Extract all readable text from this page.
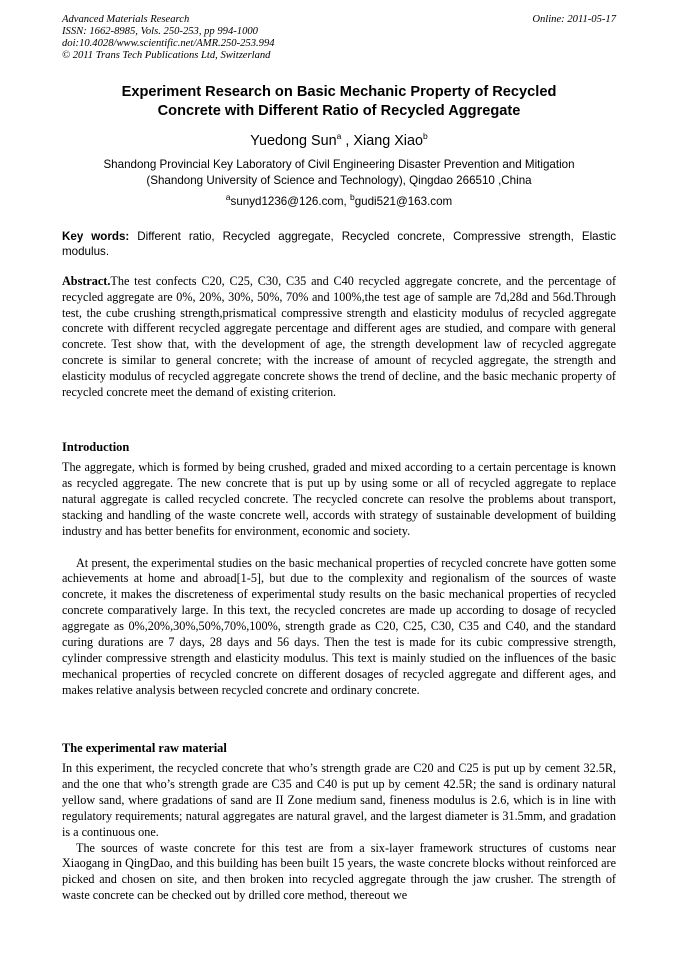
Advanced Materials Research
ISSN: 1662-8985, Vols. 250-253, pp 994-1000
doi:10.4028/www.scientific.net/AMR.250-253.994
© 2011 Trans Tech Publications Ltd, Switzerland
Online: 2011-05-17
Experiment Research on Basic Mechanic Property of Recycled
Concrete with Different Ratio of Recycled Aggregate
Yuedong Sun$^a$ , Xiang Xiao$^b$
Shandong Provincial Key Laboratory of Civil Engineering Disaster Prevention and Mitigation
(Shandong University of Science and Technology), Qingdao 266510 ,China
$^a$sunyd1236@126.com, $^b$gudi521@163.com
Key words: Different ratio, Recycled aggregate, Recycled concrete, Compressive strength, Elastic modulus.

Abstract.The test confects C20, C25, C30, C35 and C40 recycled aggregate concrete, and the percentage of recycled aggregate are 0%, 20%, 30%, 50%, 70% and 100%,the test age of sample are 7d,28d and 56d.Through test, the cube crushing strength,prismatical compressive strength and elasticity modulus of recycled aggregate concrete with different recycled aggregate percentage and different ages are studied, and compare with general concrete. Test show that, with the development of age, the strength development law of recycled aggregate concrete is similar to general concrete; with the increase of amount of recycled aggregate, the strength and elasticity modulus of recycled aggregate concrete shows the trend of decline, and the basic mechanic property of recycled concrete meet the demand of existing criterion.

Introduction

The aggregate, which is formed by being crushed, graded and mixed according to a certain percentage is known as recycled aggregate. The new concrete that is put up by using some or all of recycled aggregate to replace natural aggregate is called recycled concrete. The recycled concrete can resolve the problems about transport, stacking and handling of the waste concrete well, accords with strategy of sustainable development of building industry and has better benefits for environment, economic and society.

At present, the experimental studies on the basic mechanical properties of recycled concrete have gotten some achievements at home and abroad[1-5], but due to the complexity and regionalism of the sources of waste concrete, it makes the discreteness of experimental study results on the basic mechanical properties of recycled concrete comparatively large. In this text, the recycled concretes are made up according to dosage of recycled aggregate as 0%,20%,30%,50%,70%,100%, strength grade as C20, C25, C30, C35 and C40, and the standard curing durations are 7 days, 28 days and 56 days. Then the test is made for its cubic compressive strength, cylinder compressive strength and elasticity modulus. This text is mainly studied on the influences of the basic mechanical properties of recycled concrete on different dosages of recycled aggregate and different ages, and makes relative analysis between recycled concrete and ordinary concrete.

The experimental raw material

In this experiment, the recycled concrete that who’s strength grade are C20 and C25 is put up by cement 32.5R, and the one that who’s strength grade are C35 and C40 is put up by cement 42.5R; the sand is ordinary natural yellow sand, where gradations of sand are II Zone medium sand, fineness modulus is 2.6, which is in line with regulatory requirements; natural aggregates are natural gravel, and the largest diameter is 31.5mm, and gradation is a continuous one.

The sources of waste concrete for this test are from a six-layer framework structures of customs near Xiaogang in QingDao, and this building has been built 15 years, the waste concrete blocks without reinforced are picked and chosen on site, and then broken into recycled aggregate through the jaw crusher. The strength of waste concrete can be checked out by drilled core method, thereout we
